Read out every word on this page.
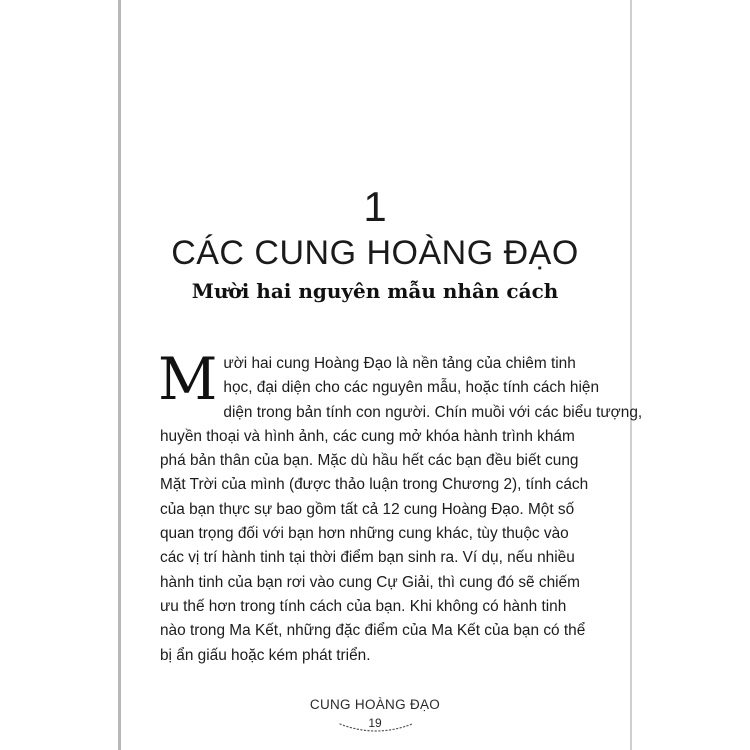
1
CÁC CUNG HOÀNG ĐẠO
Mười hai nguyên mẫu nhân cách
M ười hai cung Hoàng Đạo là nền tảng của chiêm tinh
học, đại diện cho các nguyên mẫu, hoặc tính cách hiện
diện trong bản tính con người. Chín muồi với các biểu tượng,
huyền thoại và hình ảnh, các cung mở khóa hành trình khám
phá bản thân của bạn. Mặc dù hầu hết các bạn đều biết cung
Mặt Trời của mình (được thảo luận trong Chương 2), tính cách
của bạn thực sự bao gồm tất cả 12 cung Hoàng Đạo. Một số
quan trọng đối với bạn hơn những cung khác, tùy thuộc vào
các vị trí hành tinh tại thời điểm bạn sinh ra. Ví dụ, nếu nhiều
hành tinh của bạn rơi vào cung Cự Giải, thì cung đó sẽ chiếm
ưu thế hơn trong tính cách của bạn. Khi không có hành tinh
nào trong Ma Kết, những đặc điểm của Ma Kết của bạn có thể
bị ẩn giấu hoặc kém phát triển.
CUNG HOÀNG ĐẠO
19
